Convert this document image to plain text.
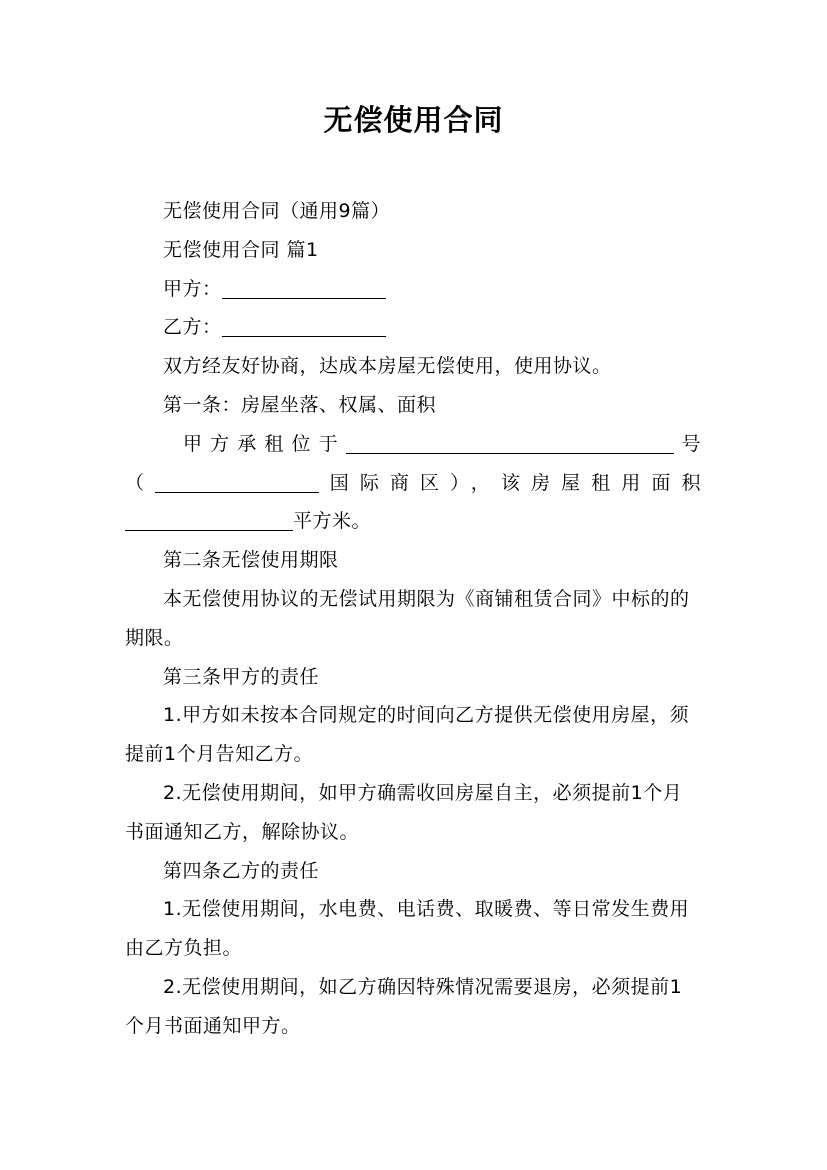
无偿使用合同

无偿使用合同（通用9篇）

无偿使用合同 篇1

甲方：

乙方：

双方经友好协商，达成本房屋无偿使用，使用协议。

第一条：房屋坐落、权属、面积

甲方承租位于	号

（	国际商区），该房屋租用面积

平方米。

第二条无偿使用期限

本无偿使用协议的无偿试用期限为《商铺租赁合同》中标的的期限。

第三条甲方的责任

1.甲方如未按本合同规定的时间向乙方提供无偿使用房屋，须提前1个月告知乙方。

2.无偿使用期间，如甲方确需收回房屋自主，必须提前1个月书面通知乙方，解除协议。

第四条乙方的责任

1.无偿使用期间，水电费、电话费、取暖费、等日常发生费用由乙方负担。

2.无偿使用期间，如乙方确因特殊情况需要退房，必须提前1个月书面通知甲方。
